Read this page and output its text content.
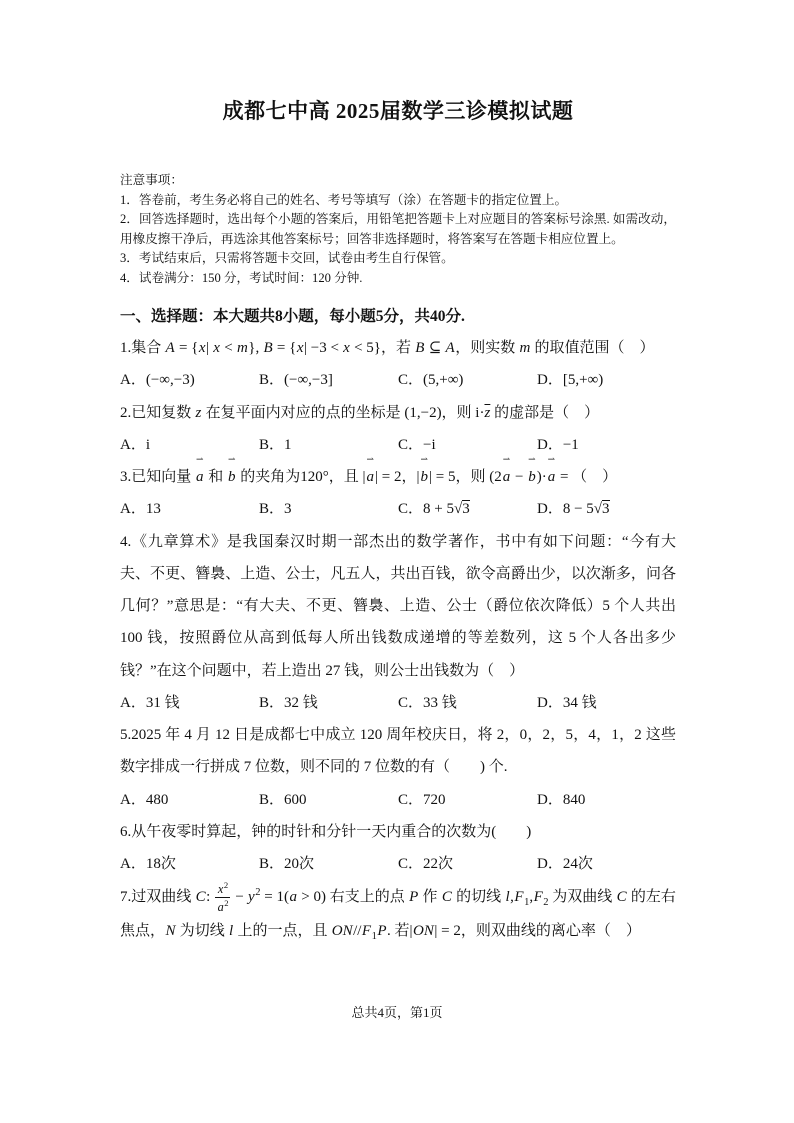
成都七中高 2025届数学三诊模拟试题
注意事项：
1．答卷前，考生务必将自己的姓名、考号等填写（涂）在答题卡的指定位置上。
2．回答选择题时，选出每个小题的答案后，用铅笔把答题卡上对应题目的答案标号涂黑. 如需改动，用橡皮擦干净后，再选涂其他答案标号；回答非选择题时，将答案写在答题卡相应位置上。
3．考试结束后，只需将答题卡交回，试卷由考生自行保管。
4．试卷满分：150 分，考试时间：120 分钟.
一、选择题：本大题共8小题，每小题5分，共40分.
1.集合 A = {x| x < m}, B = {x| −3 < x < 5}，若 B ⊆ A，则实数 m 的取值范围（　）
A．(−∞,−3)	B．(−∞,−3]	C．(5,+∞)	D．[5,+∞)
2.已知复数 z 在复平面内对应的点的坐标是 (1,−2)，则 $i\cdot\overline{z}$ 的虚部是（　）
A．i	B．1	C．−i	D．−1
3.已知向量 a ⇀ 和 b ⇀ 的夹角为120°，且 |a ⇀| = 2，|b ⇀| = 5，则 (2a ⇀ − b ⇀)·a ⇀ = （　）
A．13	B．3	C．8 + 5 √ 3	D．8 − 5 √ 3
4.《九章算术》是我国秦汉时期一部杰出的数学著作，书中有如下问题：“今有大夫、不更、簪裊、上造、公士，凡五人，共出百钱，欲令高爵出少，以次渐多，问各几何？”意思是：“有大夫、不更、簪裊、上造、公士（爵位依次降低）5 个人共出 100 钱，按照爵位从高到低每人所出钱数成递增的等差数列，这 5 个人各出多少钱？”在这个问题中，若上造出 27 钱，则公士出钱数为（　）
A．31 钱	B．32 钱	C．33 钱	D．34 钱
5.2025 年 4 月 12 日是成都七中成立 120 周年校庆日，将 2，0，2，5，4，1，2 这些数字排成一行拼成 7 位数，则不同的 7 位数的有（　　) 个.
A．480	B．600	C．720	D．840
6.从午夜零时算起，钟的时针和分针一天内重合的次数为(　　)
A．18次	B．20次	C．22次	D．24次
7.过双曲线 C: $\frac{x^2}{a^2} - y^2 = 1(a > 0)$ 右支上的点 P 作 C 的切线 $l,F_1,F_2$ 为双曲线 C 的左右焦点，N 为切线 l 上的一点，且 $ON//F_1P$. 若|ON| = 2，则双曲线的离心率（　）
总共4页，第1页
